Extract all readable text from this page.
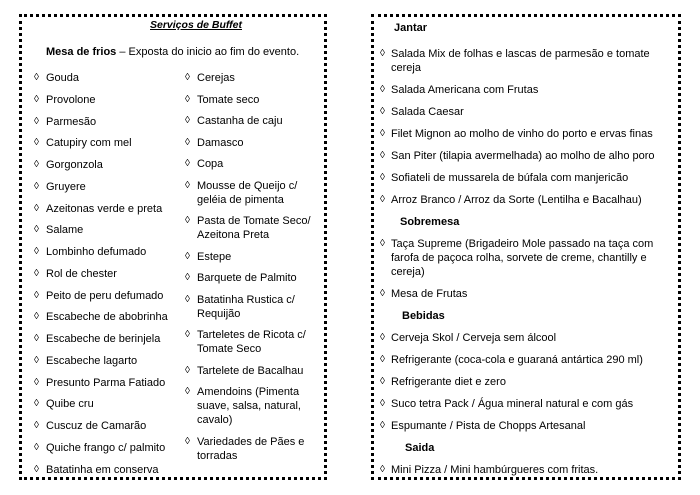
Serviços de Buffet
Mesa de frios – Exposta do inicio ao fim do evento.
◊ Gouda
◊ Provolone
◊ Parmesão
◊ Catupiry com mel
◊ Gorgonzola
◊ Gruyere
◊ Azeitonas verde e preta
◊ Salame
◊ Lombinho defumado
◊ Rol de chester
◊ Peito de peru defumado
◊ Escabeche de abobrinha
◊ Escabeche de berinjela
◊ Escabeche lagarto
◊ Presunto Parma Fatiado
◊ Quibe cru
◊ Cuscuz de Camarão
◊ Quiche frango c/ palmito
◊ Batatinha em conserva
◊ Cerejas
◊ Tomate seco
◊ Castanha de caju
◊ Damasco
◊ Copa
◊ Mousse de Queijo c/ geléia de pimenta
◊ Pasta de Tomate Seco/ Azeitona Preta
◊ Estepe
◊ Barquete de Palmito
◊ Batatinha Rustica c/ Requijão
◊ Tarteletes de Ricota c/ Tomate Seco
◊ Tartelete de Bacalhau
◊ Amendoins (Pimenta suave, salsa, natural, cavalo)
◊ Variedades de Pães e torradas
Jantar
◊ Salada Mix de folhas e lascas de parmesão e tomate cereja
◊ Salada Americana com Frutas
◊ Salada Caesar
◊ Filet Mignon ao molho de vinho do porto e ervas finas
◊ San Piter (tilapia avermelhada) ao molho de alho poro
◊ Sofiateli de mussarela de búfala com manjericão
◊ Arroz Branco / Arroz da Sorte (Lentilha e Bacalhau)
Sobremesa
◊ Taça Supreme (Brigadeiro Mole passado na taça com farofa de paçoca rolha, sorvete de creme, chantilly e cereja)
◊ Mesa de Frutas
Bebidas
◊ Cerveja Skol / Cerveja sem álcool
◊ Refrigerante (coca-cola e guaraná antártica 290 ml)
◊ Refrigerante diet e zero
◊ Suco tetra Pack / Água mineral natural e com gás
◊ Espumante / Pista de Chopps Artesanal
Saida
◊ Mini Pizza / Mini hambúrgueres com fritas.
